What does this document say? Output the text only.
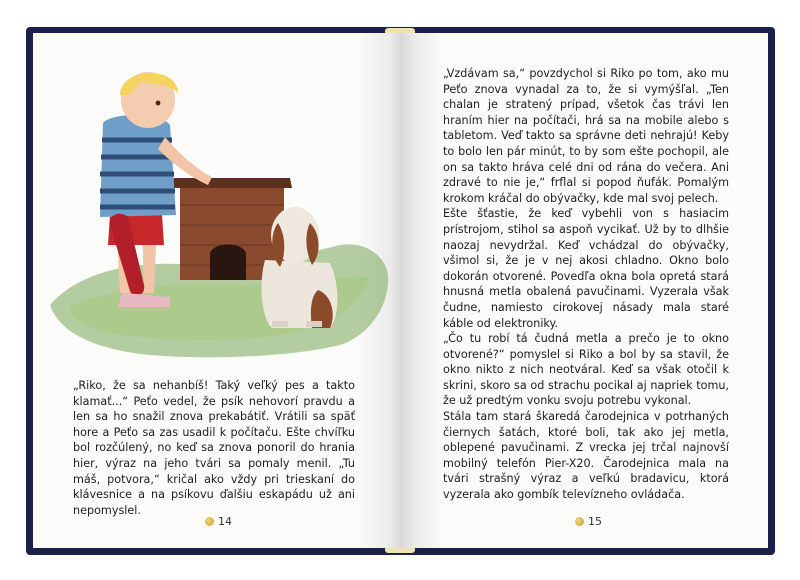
„Riko, že sa nehanbíš! Taký veľký pes a takto klamať...“ Peťo vedel, že psík nehovorí pravdu a len sa ho snažil znova prekabátiť. Vrátili sa späť hore a Peťo sa zas usadil k počítaču. Ešte chvíľku bol rozčúlený, no keď sa znova ponoril do hrania hier, výraz na jeho tvári sa pomaly menil. „Tu máš, potvora,“ kričal ako vždy pri trieskaní do klávesnice a na psíkovu ďalšiu eskapádu už ani nepomyslel.

„Vzdávam sa,“ povzdychol si Riko po tom, ako mu Peťo znova vynadal za to, že si vymýšľal. „Ten chalan je stratený prípad, všetok čas trávi len hraním hier na počítači, hrá sa na mobile alebo s tabletom. Veď takto sa správne deti nehrajú! Keby to bolo len pár minút, to by som ešte pochopil, ale on sa takto hráva celé dni od rána do večera. Ani zdravé to nie je,“ frflal si popod ňufák. Pomalým krokom kráčal do obývačky, kde mal svoj pelech.

Ešte šťastie, že keď vybehli von s hasiacim prístrojom, stihol sa aspoň vycikať. Už by to dlhšie naozaj nevydržal. Keď vchádzal do obývačky, všimol si, že je v nej akosi chladno. Okno bolo dokorán otvorené. Povedľa okna bola opretá stará hnusná metla obalená pavučinami. Vyzerala však čudne, namiesto cirokovej násady mala staré káble od elektroniky.

„Čo tu robí tá čudná metla a prečo je to okno otvorené?“ pomyslel si Riko a bol by sa stavil, že okno nikto z nich neotváral. Keď sa však otočil k skrini, skoro sa od strachu pocikal aj napriek tomu, že už predtým vonku svoju potrebu vykonal.

Stála tam stará škaredá čarodejnica v potrhaných čiernych šatách, ktoré boli, tak ako jej metla, oblepené pavučinami. Z vrecka jej trčal najnovší mobilný telefón Pier-X20. Čarodejnica mala na tvári strašný výraz a veľkú bradavicu, ktorá vyzerala ako gombík televízneho ovládača.

14	15
